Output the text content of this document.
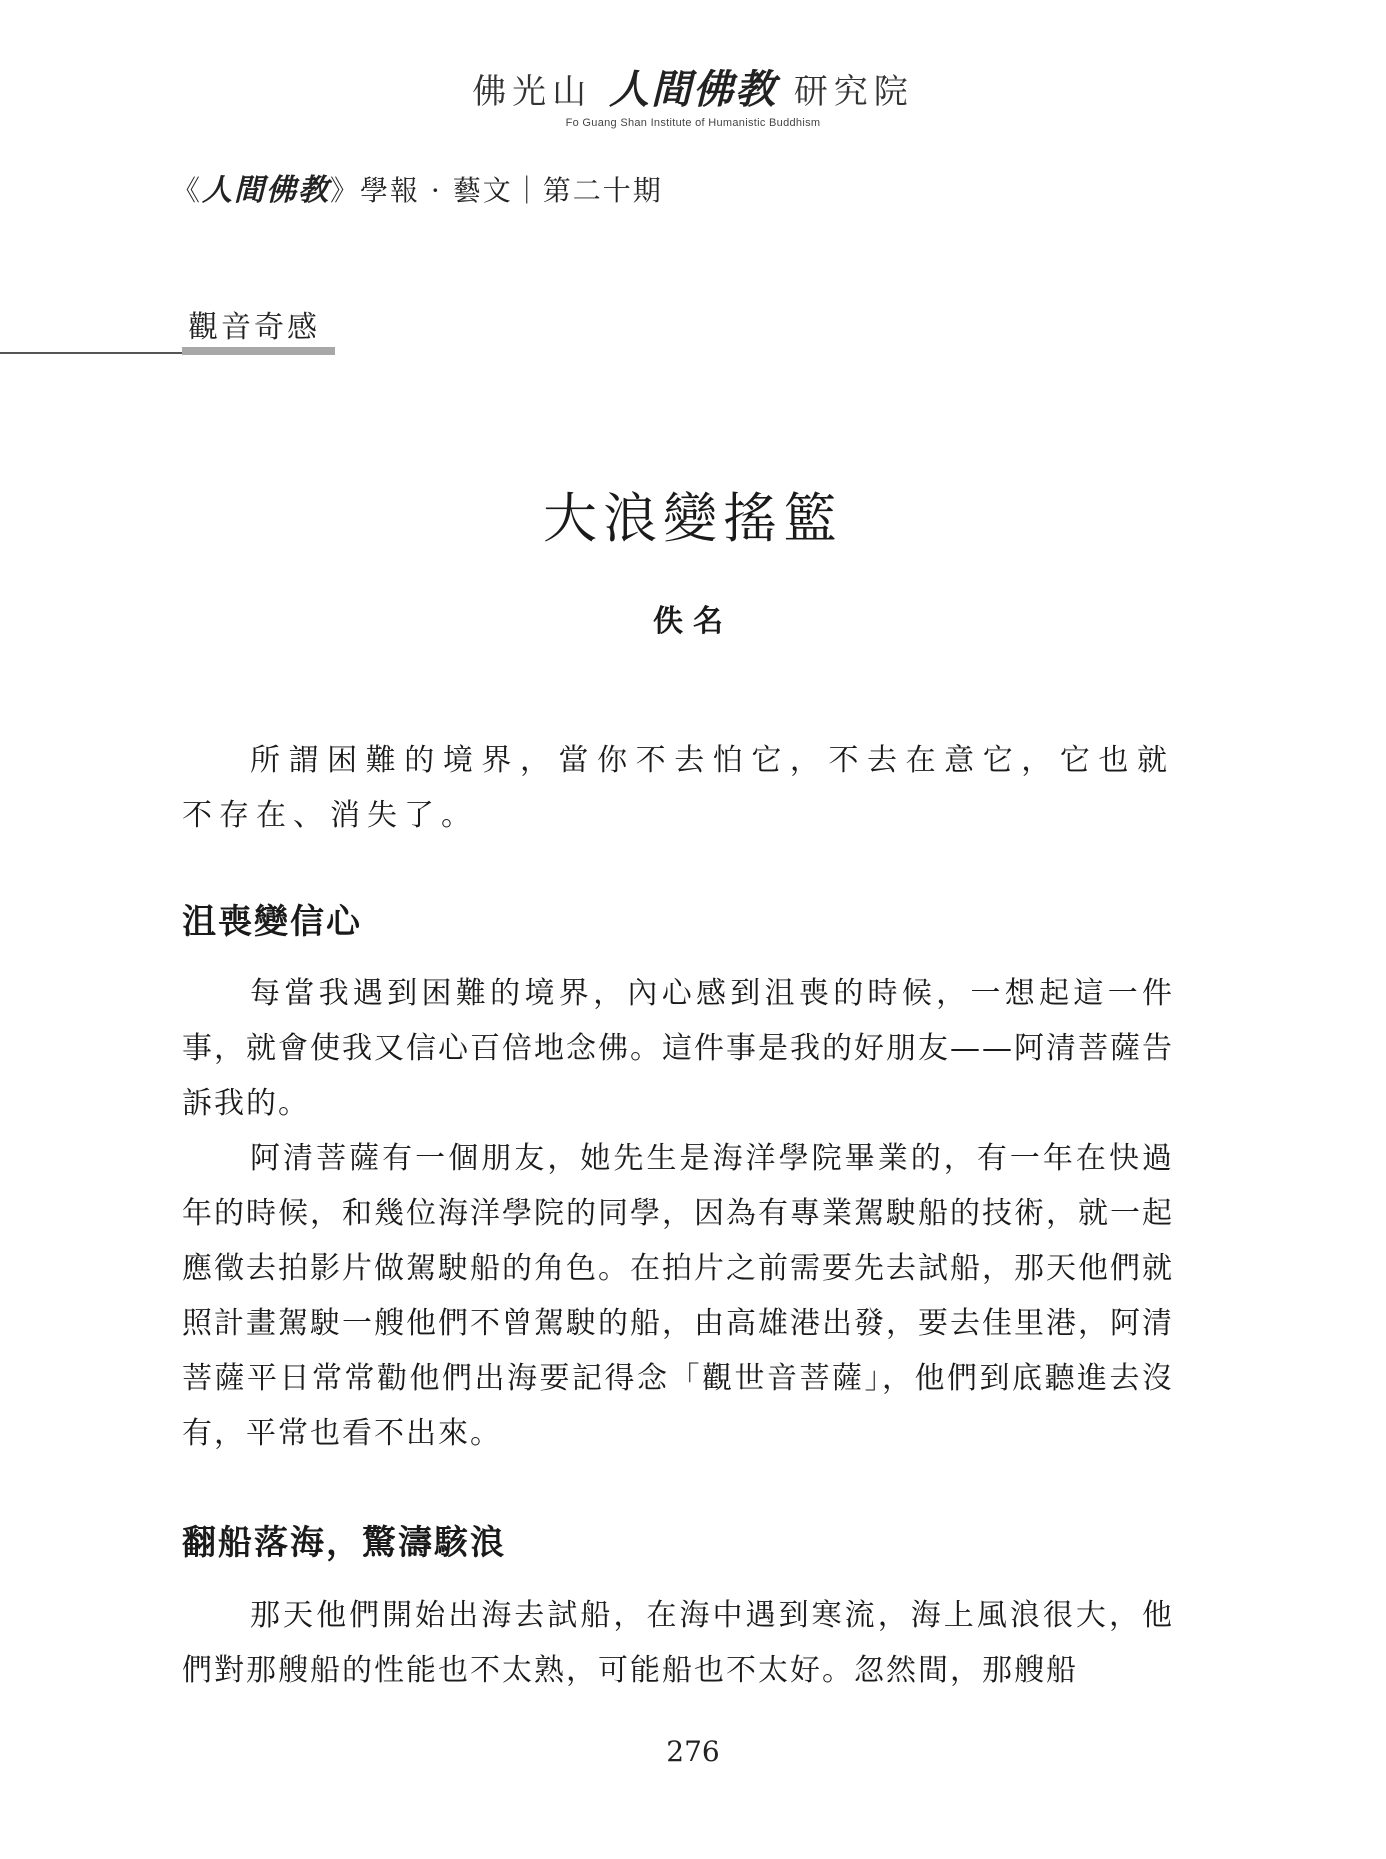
佛光山 人間佛教 研究院
Fo Guang Shan Institute of Humanistic Buddhism
《人間佛教》學報 · 藝文｜第二十期
觀音奇感
大浪變搖籃
佚名
所謂困難的境界，當你不去怕它，不去在意它，它也就不存在、消失了。
沮喪變信心
每當我遇到困難的境界，內心感到沮喪的時候，一想起這一件事，就會使我又信心百倍地念佛。這件事是我的好朋友——阿清菩薩告訴我的。
阿清菩薩有一個朋友，她先生是海洋學院畢業的，有一年在快過年的時候，和幾位海洋學院的同學，因為有專業駕駛船的技術，就一起應徵去拍影片做駕駛船的角色。在拍片之前需要先去試船，那天他們就照計畫駕駛一艘他們不曾駕駛的船，由高雄港出發，要去佳里港，阿清菩薩平日常常勸他們出海要記得念「觀世音菩薩」，他們到底聽進去沒有，平常也看不出來。
翻船落海，驚濤駭浪
那天他們開始出海去試船，在海中遇到寒流，海上風浪很大，他們對那艘船的性能也不太熟，可能船也不太好。忽然間，那艘船
276
